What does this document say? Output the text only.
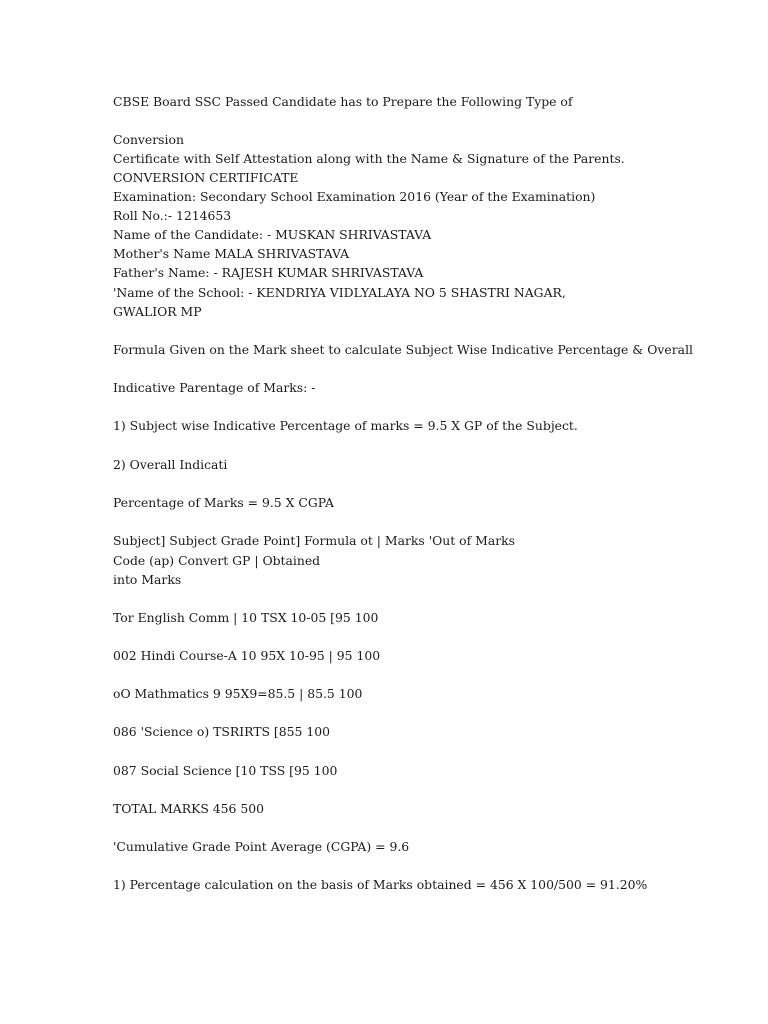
CBSE Board SSC Passed Candidate has to Prepare the Following Type of
Conversion
Certificate with Self Attestation along with the Name & Signature of the Parents.
CONVERSION CERTIFICATE
Examination: Secondary School Examination 2016 (Year of the Examination)
Roll No.:- 1214653
Name of the Candidate: - MUSKAN SHRIVASTAVA
Mother's Name MALA SHRIVASTAVA
Father's Name: - RAJESH KUMAR SHRIVASTAVA
'Name of the School: - KENDRIYA VIDLYALAYA NO 5 SHASTRI NAGAR,
GWALIOR MP
Formula Given on the Mark sheet to calculate Subject Wise Indicative Percentage & Overall
Indicative Parentage of Marks: -
1) Subject wise Indicative Percentage of marks = 9.5 X GP of the Subject.
2) Overall Indicati
Percentage of Marks = 9.5 X CGPA
Subject] Subject Grade Point] Formula ot | Marks 'Out of Marks
Code (ap) Convert GP | Obtained
into Marks
Tor English Comm | 10 TSX 10-05 [95 100
002 Hindi Course-A 10 95X 10-95 | 95 100
oO Mathmatics 9 95X9=85.5 | 85.5 100
086 'Science o) TSRIRTS [855 100
087 Social Science [10 TSS [95 100
TOTAL MARKS 456 500
'Cumulative Grade Point Average (CGPA) = 9.6
1) Percentage calculation on the basis of Marks obtained = 456 X 100/500 = 91.20%
